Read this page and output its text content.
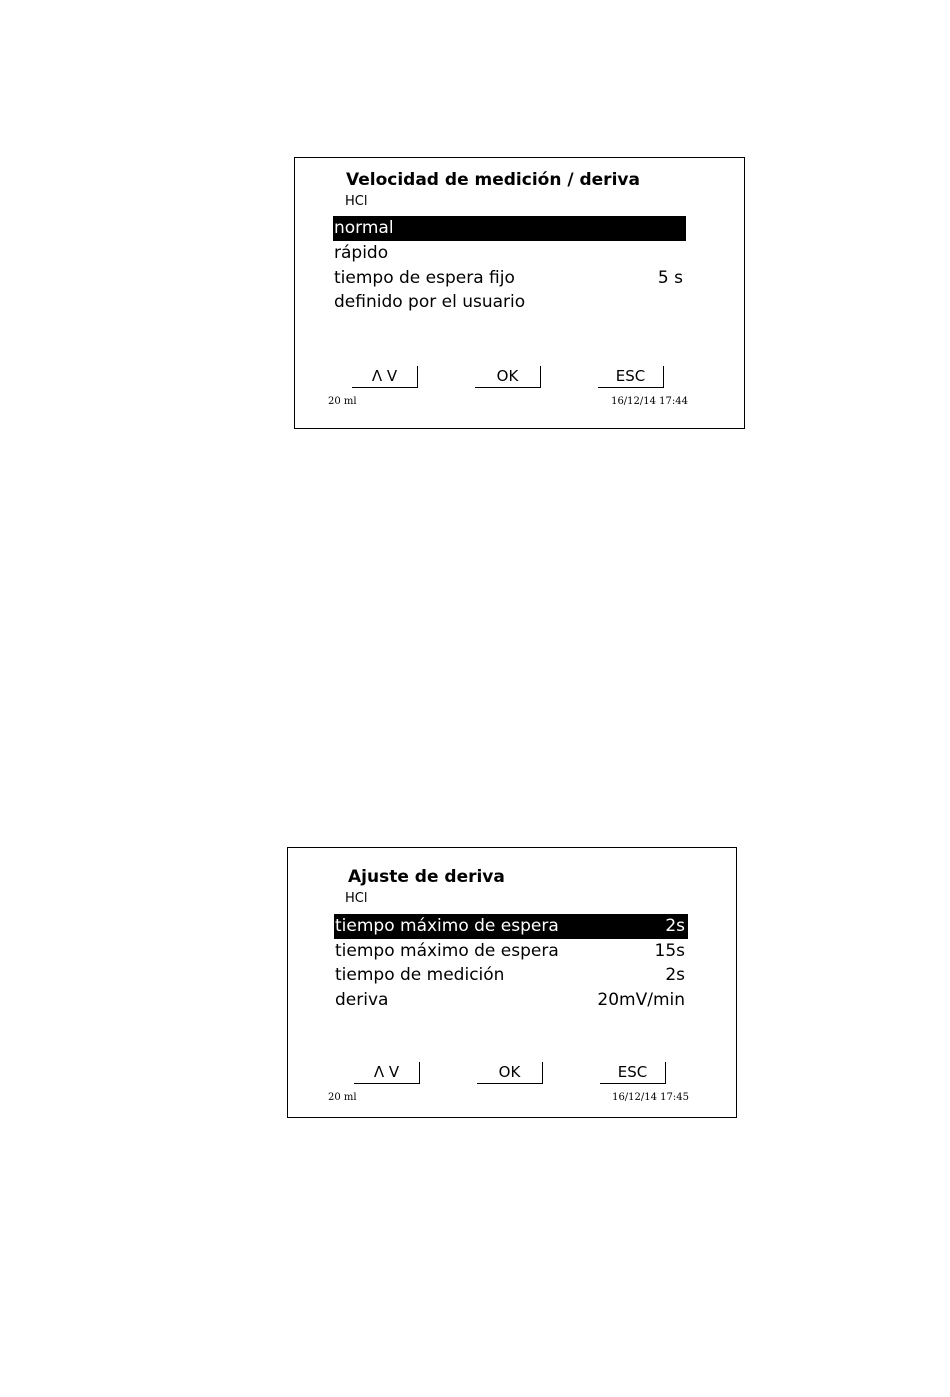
Velocidad de medición / deriva
HCl
normal
rápido
tiempo de espera fijo	5 s
definido por el usuario
Λ V	OK	ESC
20 ml	16/12/14 17:44
Ajuste de deriva
HCl
tiempo máximo de espera	2s
tiempo máximo de espera	15s
tiempo de medición	2s
deriva	20mV/min
Λ V	OK	ESC
20 ml	16/12/14 17:45
